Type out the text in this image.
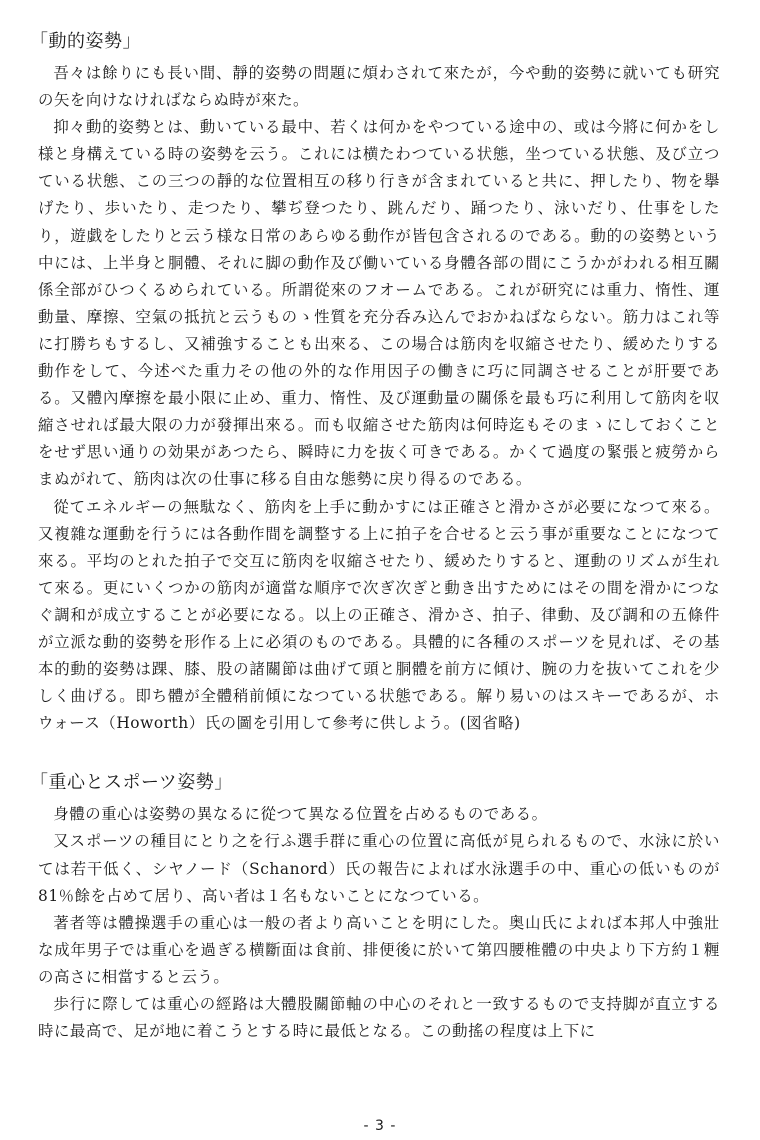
「動的姿勢」

吾々は餘りにも長い間、靜的姿勢の問題に煩わされて來たが，今や動的姿勢に就いても研究の矢を向けなければならぬ時が來た。

抑々動的姿勢とは、動いている最中、若くは何かをやつている途中の、或は今將に何かをし様と身構えている時の姿勢を云う。これには横たわつている状態，坐つている状態、及び立つている状態、この三つの靜的な位置相互の移り行きが含まれていると共に、押したり、物を擧げたり、歩いたり、走つたり、攀ぢ登つたり、跳んだり、踊つたり、泳いだり、仕事をしたり，遊戯をしたりと云う様な日常のあらゆる動作が皆包含されるのである。動的の姿勢という中には、上半身と胴體、それに脚の動作及び働いている身體各部の間にこうかがわれる相互關係全部がひつくるめられている。所謂從來のフオームである。これが研究には重力、惰性、運動量、摩擦、空氣の抵抗と云うものゝ性質を充分呑み込んでおかねばならない。筋力はこれ等に打勝ちもするし、又補強することも出來る、この場合は筋肉を収縮させたり、緩めたりする動作をして、今述べた重力その他の外的な作用因子の働きに巧に同調させることが肝要である。又體內摩擦を最小限に止め、重力、惰性、及び運動量の關係を最も巧に利用して筋肉を収縮させれば最大限の力が發揮出來る。而も収縮させた筋肉は何時迄もそのまゝにしておくことをせず思い通りの効果があつたら、瞬時に力を抜く可きである。かくて過度の緊張と疲勞からまぬがれて、筋肉は次の仕事に移る自由な態勢に戻り得るのである。

從てエネルギーの無駄なく、筋肉を上手に動かすには正確さと滑かさが必要になつて來る。又複雜な運動を行うには各動作間を調整する上に拍子を合せると云う事が重要なことになつて來る。平均のとれた拍子で交互に筋肉を収縮させたり、緩めたりすると、運動のリズムが生れて來る。更にいくつかの筋肉が適當な順序で次ぎ次ぎと動き出すためにはその間を滑かにつなぐ調和が成立することが必要になる。以上の正確さ、滑かさ、拍子、律動、及び調和の五條件が立派な動的姿勢を形作る上に必須のものである。具體的に各種のスポーツを見れば、その基本的動的姿勢は踝、膝、股の諸關節は曲げて頭と胴體を前方に傾け、腕の力を抜いてこれを少しく曲げる。即ち體が全體稍前傾になつている状態である。解り易いのはスキーであるが、ホウォース（Howorth）氏の圖を引用して參考に供しよう。(図省略)

「重心とスポーツ姿勢」

身體の重心は姿勢の異なるに從つて異なる位置を占めるものである。

又スポーツの種目にとり之を行ふ選手群に重心の位置に高低が見られるもので、水泳に於いては若干低く、シヤノード（Schanord）氏の報告によれば水泳選手の中、重心の低いものが 81％餘を占めて居り、高い者は１名もないことになつている。

著者等は體操選手の重心は一般の者より高いことを明にした。奥山氏によれば本邦人中強壯な成年男子では重心を過ぎる横斷面は食前、排便後に於いて第四腰椎體の中央より下方約１糎の高さに相當すると云う。

歩行に際しては重心の經路は大體股關節軸の中心のそれと一致するもので支持脚が直立する時に最高で、足が地に着こうとする時に最低となる。この動搖の程度は上下に

- 3 -
